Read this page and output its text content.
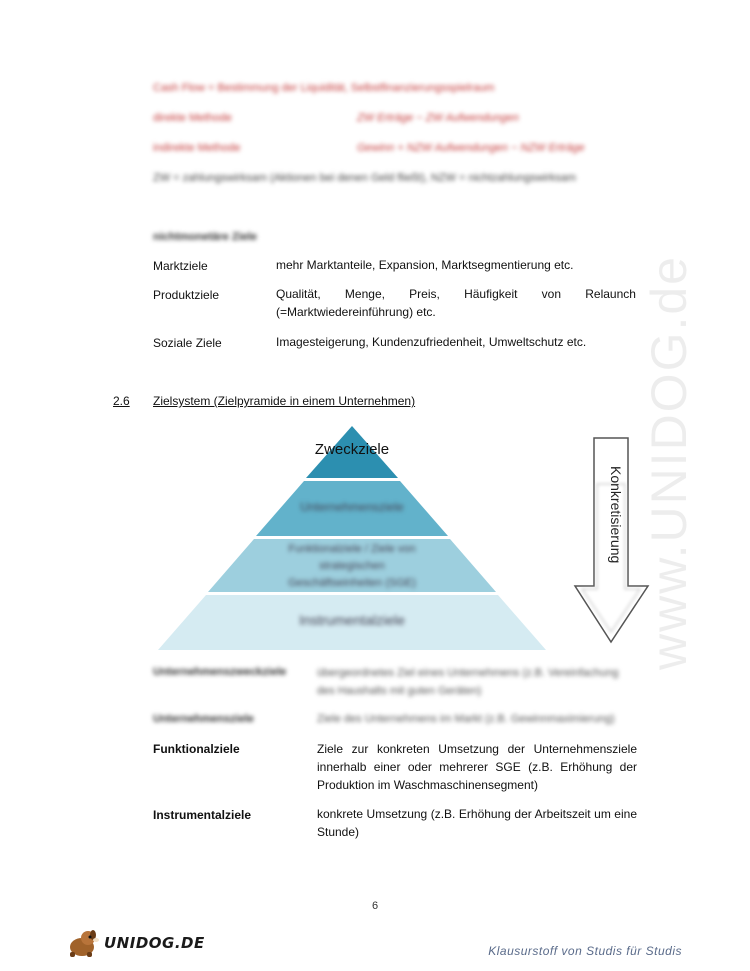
www.UNIDOG.de
Cash Flow = Bestimmung der Liquidität, Selbstfinanzierungsspielraum
direkte Methode	ZW Erträge − ZW Aufwendungen
indirekte Methode	Gewinn + NZW Aufwendungen − NZW Erträge
ZW = zahlungswirksam (Aktionen bei denen Geld fließt), NZW = nichtzahlungswirksam
nichtmonetäre Ziele
Marktziele	mehr Marktanteile, Expansion, Marktsegmentierung etc.
Produktziele	Qualität, Menge, Preis, Häufigkeit von Relaunch
(=Marktwiedereinführung) etc.
Soziale Ziele	Imagesteigerung, Kundenzufriedenheit, Umweltschutz etc.
2.6 Zielsystem (Zielpyramide in einem Unternehmen)
Zweckziele
Unternehmensziele
Funktionalziele / Ziele von
strategischen
Geschäftseinheiten (SGE)
Instrumentalziele
Konkretisierung
Unternehmenszweckziele	übergeordnetes Ziel eines Unternehmens (z.B. Vereinfachung des Haushalts mit guten Geräten)
Unternehmensziele	Ziele des Unternehmens im Markt (z.B. Gewinnmaximierung)
Funktionalziele	Ziele zur konkreten Umsetzung der Unternehmensziele innerhalb einer oder mehrerer SGE (z.B. Erhöhung der Produktion im Waschmaschinensegment)
Instrumentalziele	konkrete Umsetzung (z.B. Erhöhung der Arbeitszeit um eine Stunde)
6
UNIDOG.DE	Klausurstoff von Studis für Studis
